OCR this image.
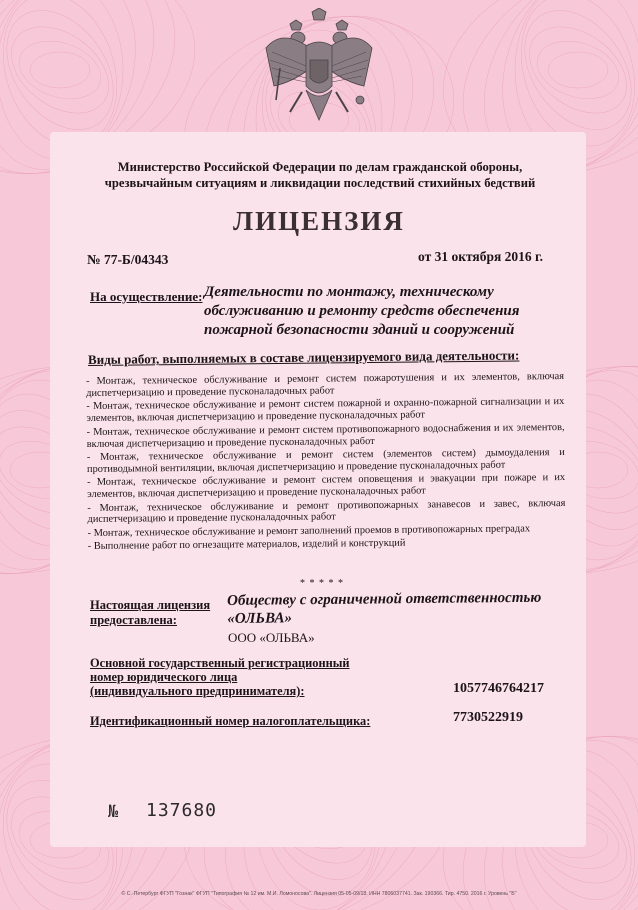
Министерство Российской Федерации по делам гражданской обороны,
чрезвычайным ситуациям и ликвидации последствий стихийных бедствий
ЛИЦЕНЗИЯ
№ 77-Б/04343	от 31 октября 2016 г.
На осуществление: Деятельности по монтажу, техническому обслуживанию и ремонту средств обеспечения пожарной безопасности зданий и сооружений
Виды работ, выполняемых в составе лицензируемого вида деятельности:
- Монтаж, техническое обслуживание и ремонт систем пожаротушения и их элементов, включая диспетчеризацию и проведение пусконаладочных работ
- Монтаж, техническое обслуживание и ремонт систем пожарной и охранно-пожарной сигнализации и их элементов, включая диспетчеризацию и проведение пусконаладочных работ
- Монтаж, техническое обслуживание и ремонт систем противопожарного водоснабжения и их элементов, включая диспетчеризацию и проведение пусконаладочных работ
- Монтаж, техническое обслуживание и ремонт систем (элементов систем) дымоудаления и противодымной вентиляции, включая диспетчеризацию и проведение пусконаладочных работ
- Монтаж, техническое обслуживание и ремонт систем оповещения и эвакуации при пожаре и их элементов, включая диспетчеризацию и проведение пусконаладочных работ
- Монтаж, техническое обслуживание и ремонт противопожарных занавесов и завес, включая диспетчеризацию и проведение пусконаладочных работ
- Монтаж, техническое обслуживание и ремонт заполнений проемов в противопожарных преградах
- Выполнение работ по огнезащите материалов, изделий и конструкций
* * * * *
Настоящая лицензия
предоставлена:
Обществу с ограниченной ответственностью
«ОЛЬВА»
ООО «ОЛЬВА»
Основной государственный регистрационный
номер юридического лица
(индивидуального предпринимателя):	1057746764217
Идентификационный номер налогоплательщика:	7730522919
№ 137680
© С.-Петербург ФГУП "Гознак" ФГУП "Типография № 12 им. М.И. Ломоносова". Лицензия 05-05-09/18. ИНН 7806037741. Зак. 190366. Тир. 4750. 2016 г. Уровень "Б"
